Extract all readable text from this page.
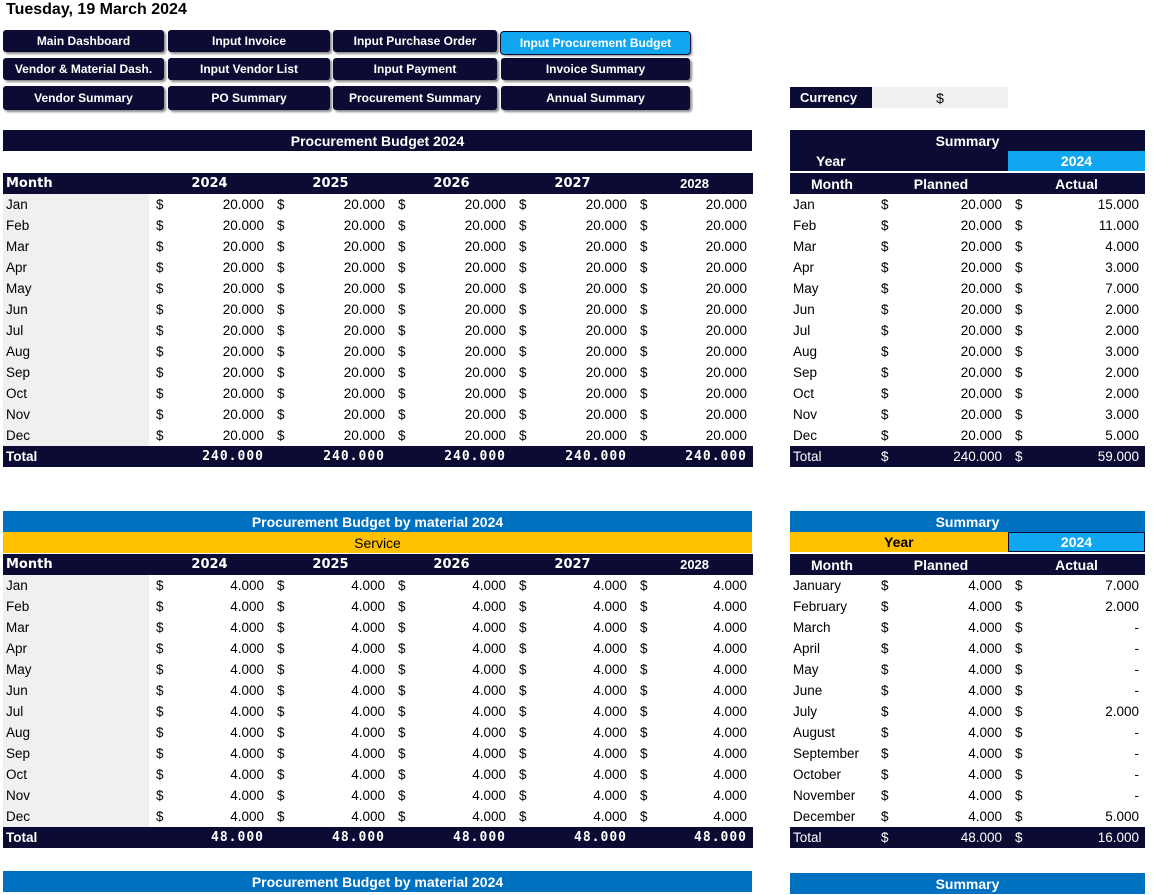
Tuesday, 19 March 2024
Main Dashboard	Input Invoice	Input Purchase Order	Input Procurement Budget
Vendor & Material Dash.	Input Vendor List	Input Payment	Invoice Summary
Vendor Summary	PO Summary	Procurement Summary	Annual Summary	Currency	$
Procurement Budget 2024
Month	2024		2025		2026		2027		2028	
Jan	$	20.000	$	20.000	$	20.000	$	20.000	$	20.000
Feb	$	20.000	$	20.000	$	20.000	$	20.000	$	20.000
Mar	$	20.000	$	20.000	$	20.000	$	20.000	$	20.000
Apr	$	20.000	$	20.000	$	20.000	$	20.000	$	20.000
May	$	20.000	$	20.000	$	20.000	$	20.000	$	20.000
Jun	$	20.000	$	20.000	$	20.000	$	20.000	$	20.000
Jul	$	20.000	$	20.000	$	20.000	$	20.000	$	20.000
Aug	$	20.000	$	20.000	$	20.000	$	20.000	$	20.000
Sep	$	20.000	$	20.000	$	20.000	$	20.000	$	20.000
Oct	$	20.000	$	20.000	$	20.000	$	20.000	$	20.000
Nov	$	20.000	$	20.000	$	20.000	$	20.000	$	20.000
Dec	$	20.000	$	20.000	$	20.000	$	20.000	$	20.000
Total	240.000		240.000		240.000		240.000		240.000	
Summary
Year	2024
Month	Planned		Actual	
Jan	$	20.000	$	15.000
Feb	$	20.000	$	11.000
Mar	$	20.000	$	4.000
Apr	$	20.000	$	3.000
May	$	20.000	$	7.000
Jun	$	20.000	$	2.000
Jul	$	20.000	$	2.000
Aug	$	20.000	$	3.000
Sep	$	20.000	$	2.000
Oct	$	20.000	$	2.000
Nov	$	20.000	$	3.000
Dec	$	20.000	$	5.000
Total	$	240.000	$	59.000
Procurement Budget by material 2024
Service
Month	2024		2025		2026		2027		2028	
Jan	$	4.000	$	4.000	$	4.000	$	4.000	$	4.000
Feb	$	4.000	$	4.000	$	4.000	$	4.000	$	4.000
Mar	$	4.000	$	4.000	$	4.000	$	4.000	$	4.000
Apr	$	4.000	$	4.000	$	4.000	$	4.000	$	4.000
May	$	4.000	$	4.000	$	4.000	$	4.000	$	4.000
Jun	$	4.000	$	4.000	$	4.000	$	4.000	$	4.000
Jul	$	4.000	$	4.000	$	4.000	$	4.000	$	4.000
Aug	$	4.000	$	4.000	$	4.000	$	4.000	$	4.000
Sep	$	4.000	$	4.000	$	4.000	$	4.000	$	4.000
Oct	$	4.000	$	4.000	$	4.000	$	4.000	$	4.000
Nov	$	4.000	$	4.000	$	4.000	$	4.000	$	4.000
Dec	$	4.000	$	4.000	$	4.000	$	4.000	$	4.000
Total	48.000		48.000		48.000		48.000		48.000	
Summary
Year	2024
Month	Planned		Actual	
January	$	4.000	$	7.000
February	$	4.000	$	2.000
March	$	4.000	$	-
April	$	4.000	$	-
May	$	4.000	$	-
June	$	4.000	$	-
July	$	4.000	$	2.000
August	$	4.000	$	-
September	$	4.000	$	-
October	$	4.000	$	-
November	$	4.000	$	-
December	$	4.000	$	5.000
Total	$	48.000	$	16.000
Procurement Budget by material 2024	Summary
